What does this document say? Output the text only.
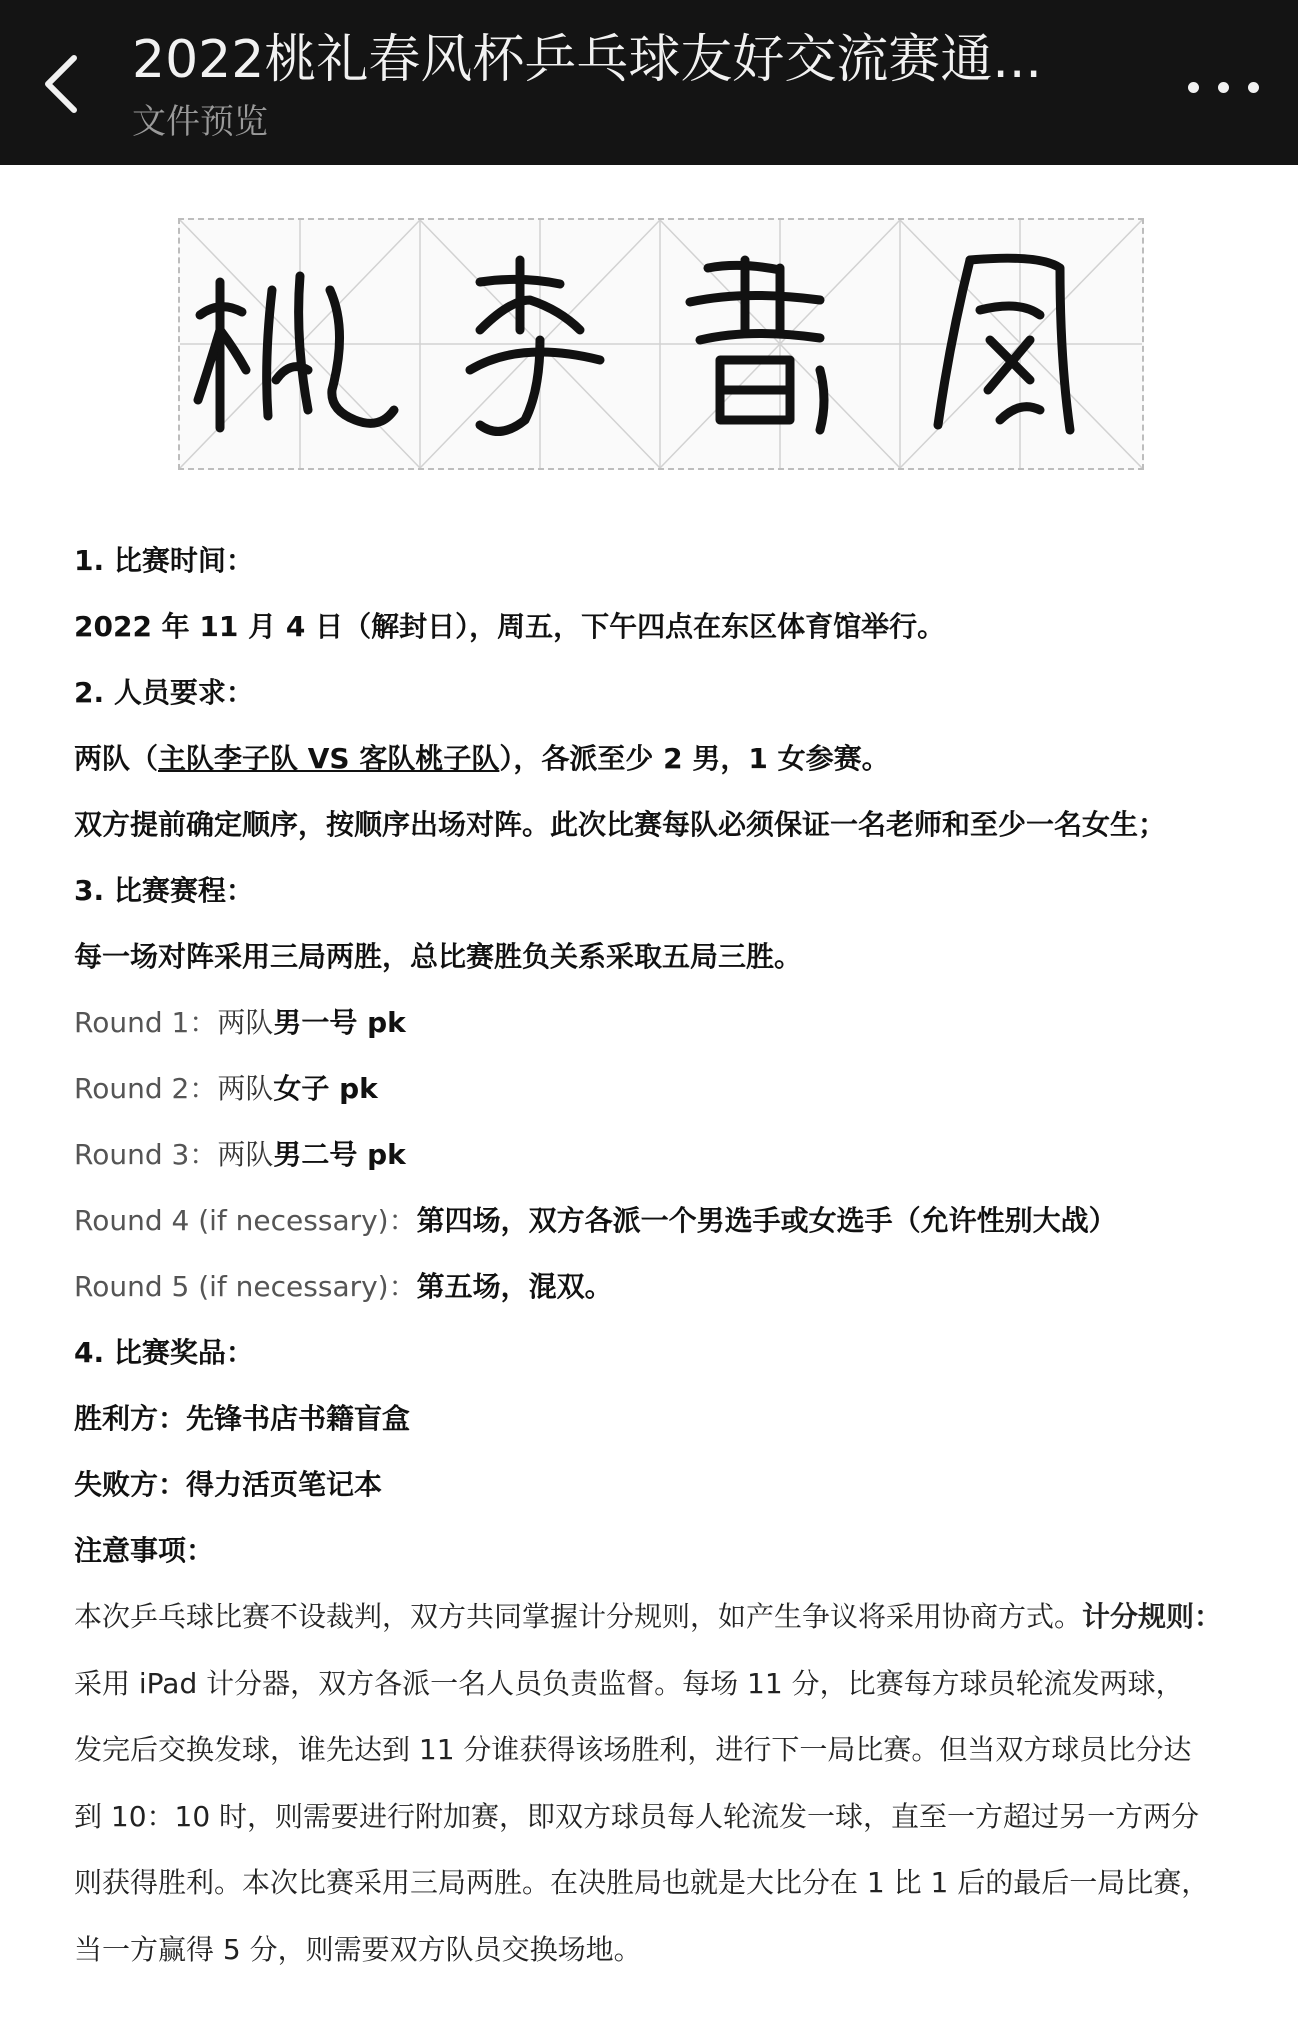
2022桃礼春风杯乒乓球友好交流赛通...
文件预览
1. 比赛时间：
2022 年 11 月 4 日（解封日），周五，下午四点在东区体育馆举行。
2. 人员要求：
两队（主队李子队 VS 客队桃子队），各派至少 2 男，1 女参赛。
双方提前确定顺序，按顺序出场对阵。此次比赛每队必须保证一名老师和至少一名女生；
3. 比赛赛程：
每一场对阵采用三局两胜，总比赛胜负关系采取五局三胜。
Round 1：两队男一号 pk
Round 2：两队女子 pk
Round 3：两队男二号 pk
Round 4 (if necessary)：第四场，双方各派一个男选手或女选手（允许性别大战）
Round 5 (if necessary)：第五场，混双。
4. 比赛奖品：
胜利方：先锋书店书籍盲盒
失败方：得力活页笔记本
注意事项：
本次乒乓球比赛不设裁判，双方共同掌握计分规则，如产生争议将采用协商方式。计分规则：
采用 iPad 计分器，双方各派一名人员负责监督。每场 11 分，比赛每方球员轮流发两球，
发完后交换发球，谁先达到 11 分谁获得该场胜利，进行下一局比赛。但当双方球员比分达
到 10：10 时，则需要进行附加赛，即双方球员每人轮流发一球，直至一方超过另一方两分
则获得胜利。本次比赛采用三局两胜。在决胜局也就是大比分在 1 比 1 后的最后一局比赛，
当一方赢得 5 分，则需要双方队员交换场地。
